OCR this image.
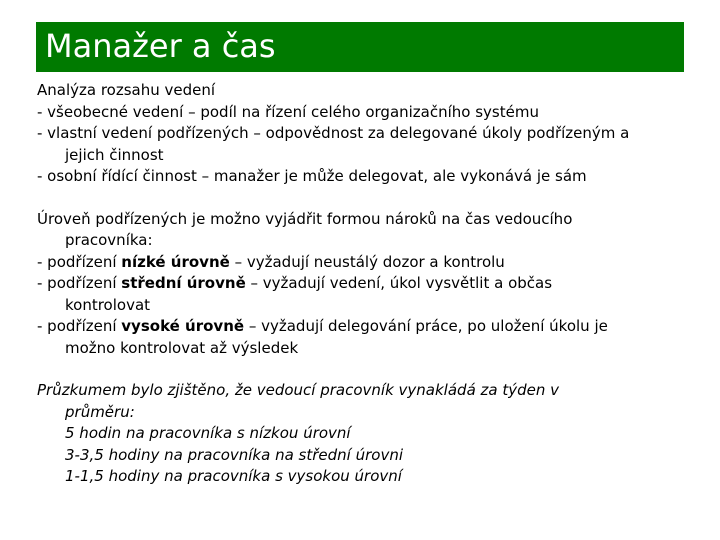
Manažer a čas
Analýza rozsahu vedení
- všeobecné vedení – podíl na řízení celého organizačního systému
- vlastní vedení podřízených – odpovědnost za delegované úkoly podřízeným a
jejich činnost
- osobní řídící činnost – manažer je může delegovat, ale vykonává je sám
Úroveň podřízených je možno vyjádřit formou nároků na čas vedoucího
pracovníka:
- podřízení nízké úrovně – vyžadují neustálý dozor a kontrolu
- podřízení střední úrovně – vyžadují vedení, úkol vysvětlit a občas
kontrolovat
- podřízení vysoké úrovně – vyžadují delegování práce, po uložení úkolu je
možno kontrolovat až výsledek
Průzkumem bylo zjištěno, že vedoucí pracovník vynakládá za týden v
průměru:
5 hodin na pracovníka s nízkou úrovní
3-3,5 hodiny na pracovníka na střední úrovni
1-1,5 hodiny na pracovníka s vysokou úrovní
